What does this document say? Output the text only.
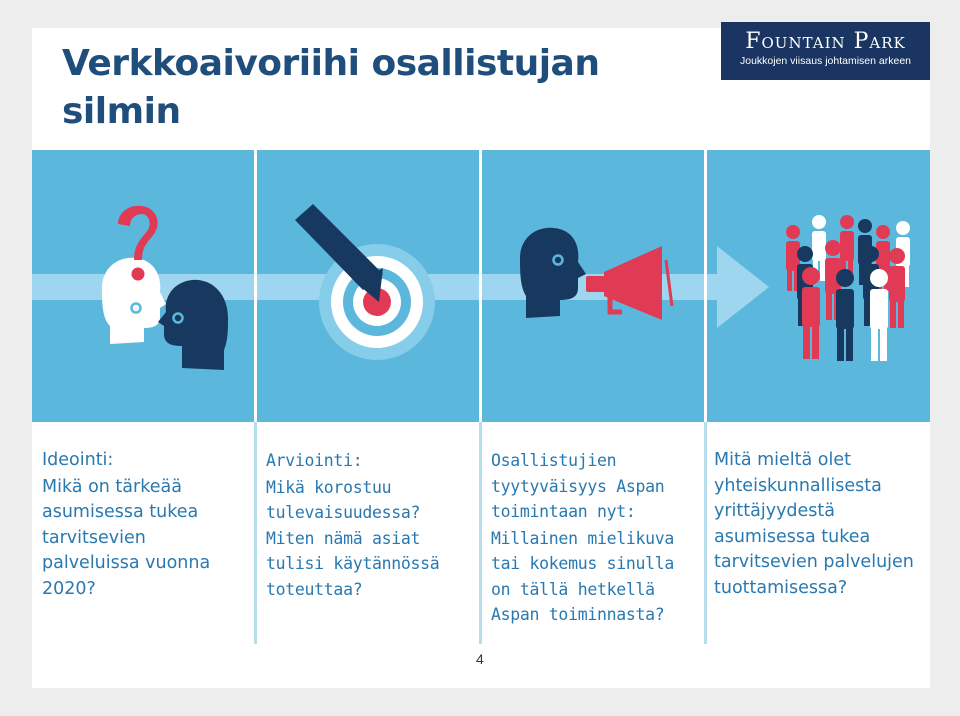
Verkkoaivoriihi osallistujan silmin
Fountain Park
Joukkojen viisaus johtamisen arkeen
Ideointi:
Mikä on tärkeää asumisessa tukea tarvitsevien palveluissa vuonna 2020?
Arviointi:
Mikä korostuu tulevaisuudessa? Miten nämä asiat tulisi käytännössä toteuttaa?
Osallistujien tyytyväisyys Aspan toimintaan nyt:
Millainen mielikuva tai kokemus sinulla on tällä hetkellä Aspan toiminnasta?
Mitä mieltä olet yhteiskunnallisesta yrittäjyydestä asumisessa tukea tarvitsevien palvelujen tuottamisessa?
4
